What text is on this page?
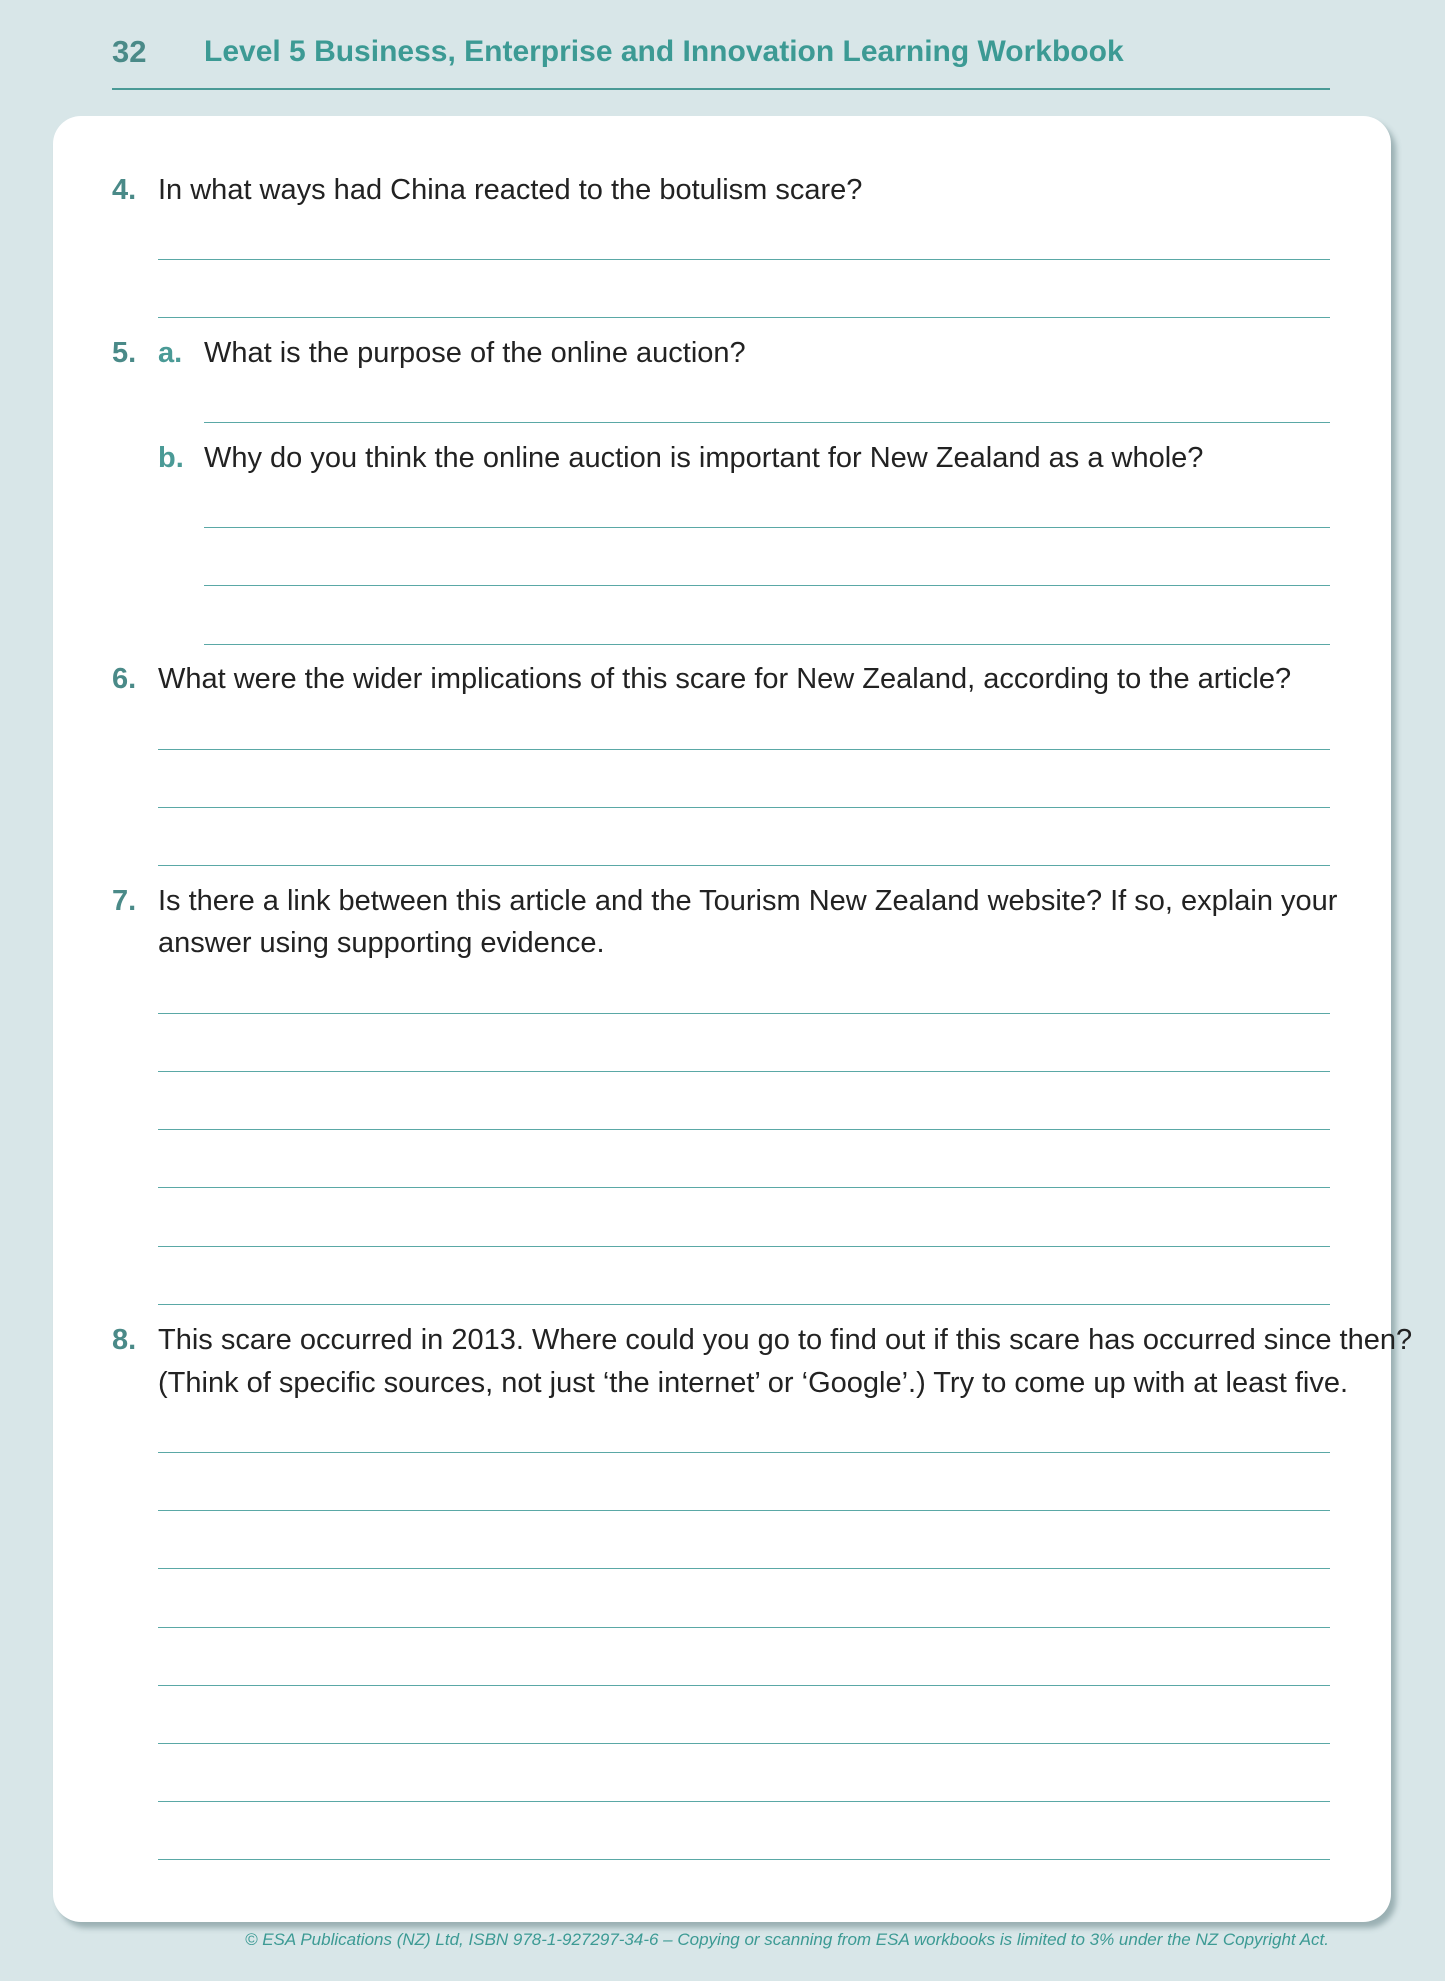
32 Level 5 Business, Enterprise and Innovation Learning Workbook
4. In what ways had China reacted to the botulism scare?
5. a. What is the purpose of the online auction?
b. Why do you think the online auction is important for New Zealand as a whole?
6. What were the wider implications of this scare for New Zealand, according to the article?
7. Is there a link between this article and the Tourism New Zealand website? If so, explain your
answer using supporting evidence.
8. This scare occurred in 2013. Where could you go to find out if this scare has occurred since then?
(Think of specific sources, not just ‘the internet’ or ‘Google’.) Try to come up with at least five.
© ESA Publications (NZ) Ltd, ISBN 978-1-927297-34-6 – Copying or scanning from ESA workbooks is limited to 3% under the NZ Copyright Act.
